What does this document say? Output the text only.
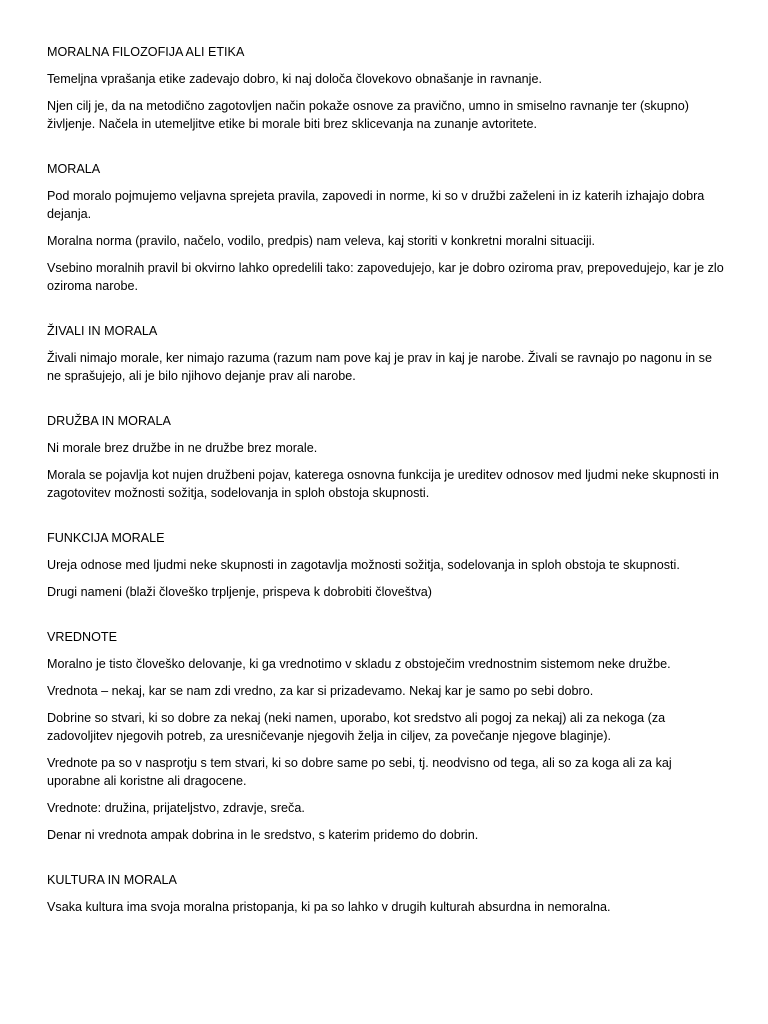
MORALNA FILOZOFIJA ALI ETIKA

Temeljna vprašanja etike zadevajo dobro, ki naj določa človekovo obnašanje in ravnanje.

Njen cilj je, da na metodično zagotovljen način pokaže osnove za pravično, umno in smiselno ravnanje ter (skupno) življenje. Načela in utemeljitve etike bi morale biti brez sklicevanja na zunanje avtoritete.

MORALA

Pod moralo pojmujemo veljavna sprejeta pravila, zapovedi in norme, ki so v družbi zaželeni in iz katerih izhajajo dobra dejanja.

Moralna norma (pravilo, načelo, vodilo, predpis) nam veleva, kaj storiti v konkretni moralni situaciji.

Vsebino moralnih pravil bi okvirno lahko opredelili tako: zapovedujejo, kar je dobro oziroma prav, prepovedujejo, kar je zlo oziroma narobe.

ŽIVALI IN MORALA

Živali nimajo morale, ker nimajo razuma (razum nam pove kaj je prav in kaj je narobe. Živali se ravnajo po nagonu in se ne sprašujejo, ali je bilo njihovo dejanje prav ali narobe.

DRUŽBA IN MORALA

Ni morale brez družbe in ne družbe brez morale.

Morala se pojavlja kot nujen družbeni pojav, katerega osnovna funkcija je ureditev odnosov med ljudmi neke skupnosti in zagotovitev možnosti sožitja, sodelovanja in sploh obstoja skupnosti.

FUNKCIJA MORALE

Ureja odnose med ljudmi neke skupnosti in zagotavlja možnosti sožitja, sodelovanja in sploh obstoja te skupnosti.

Drugi nameni (blaži človeško trpljenje, prispeva k dobrobiti človeštva)

VREDNOTE

Moralno je tisto človeško delovanje, ki ga vrednotimo v skladu z obstoječim vrednostnim sistemom neke družbe.

Vrednota – nekaj, kar se nam zdi vredno, za kar si prizadevamo. Nekaj kar je samo po sebi dobro.

Dobrine so stvari, ki so dobre za nekaj (neki namen, uporabo, kot sredstvo ali pogoj za nekaj) ali za nekoga (za zadovoljitev njegovih potreb, za uresničevanje njegovih želja in ciljev, za povečanje njegove blaginje).

Vrednote pa so v nasprotju s tem stvari, ki so dobre same po sebi, tj. neodvisno od tega, ali so za koga ali za kaj uporabne ali koristne ali dragocene.

Vrednote: družina, prijateljstvo, zdravje, sreča.

Denar ni vrednota ampak dobrina in le sredstvo, s katerim pridemo do dobrin.

KULTURA IN MORALA

Vsaka kultura ima svoja moralna pristopanja, ki pa so lahko v drugih kulturah absurdna in nemoralna.
